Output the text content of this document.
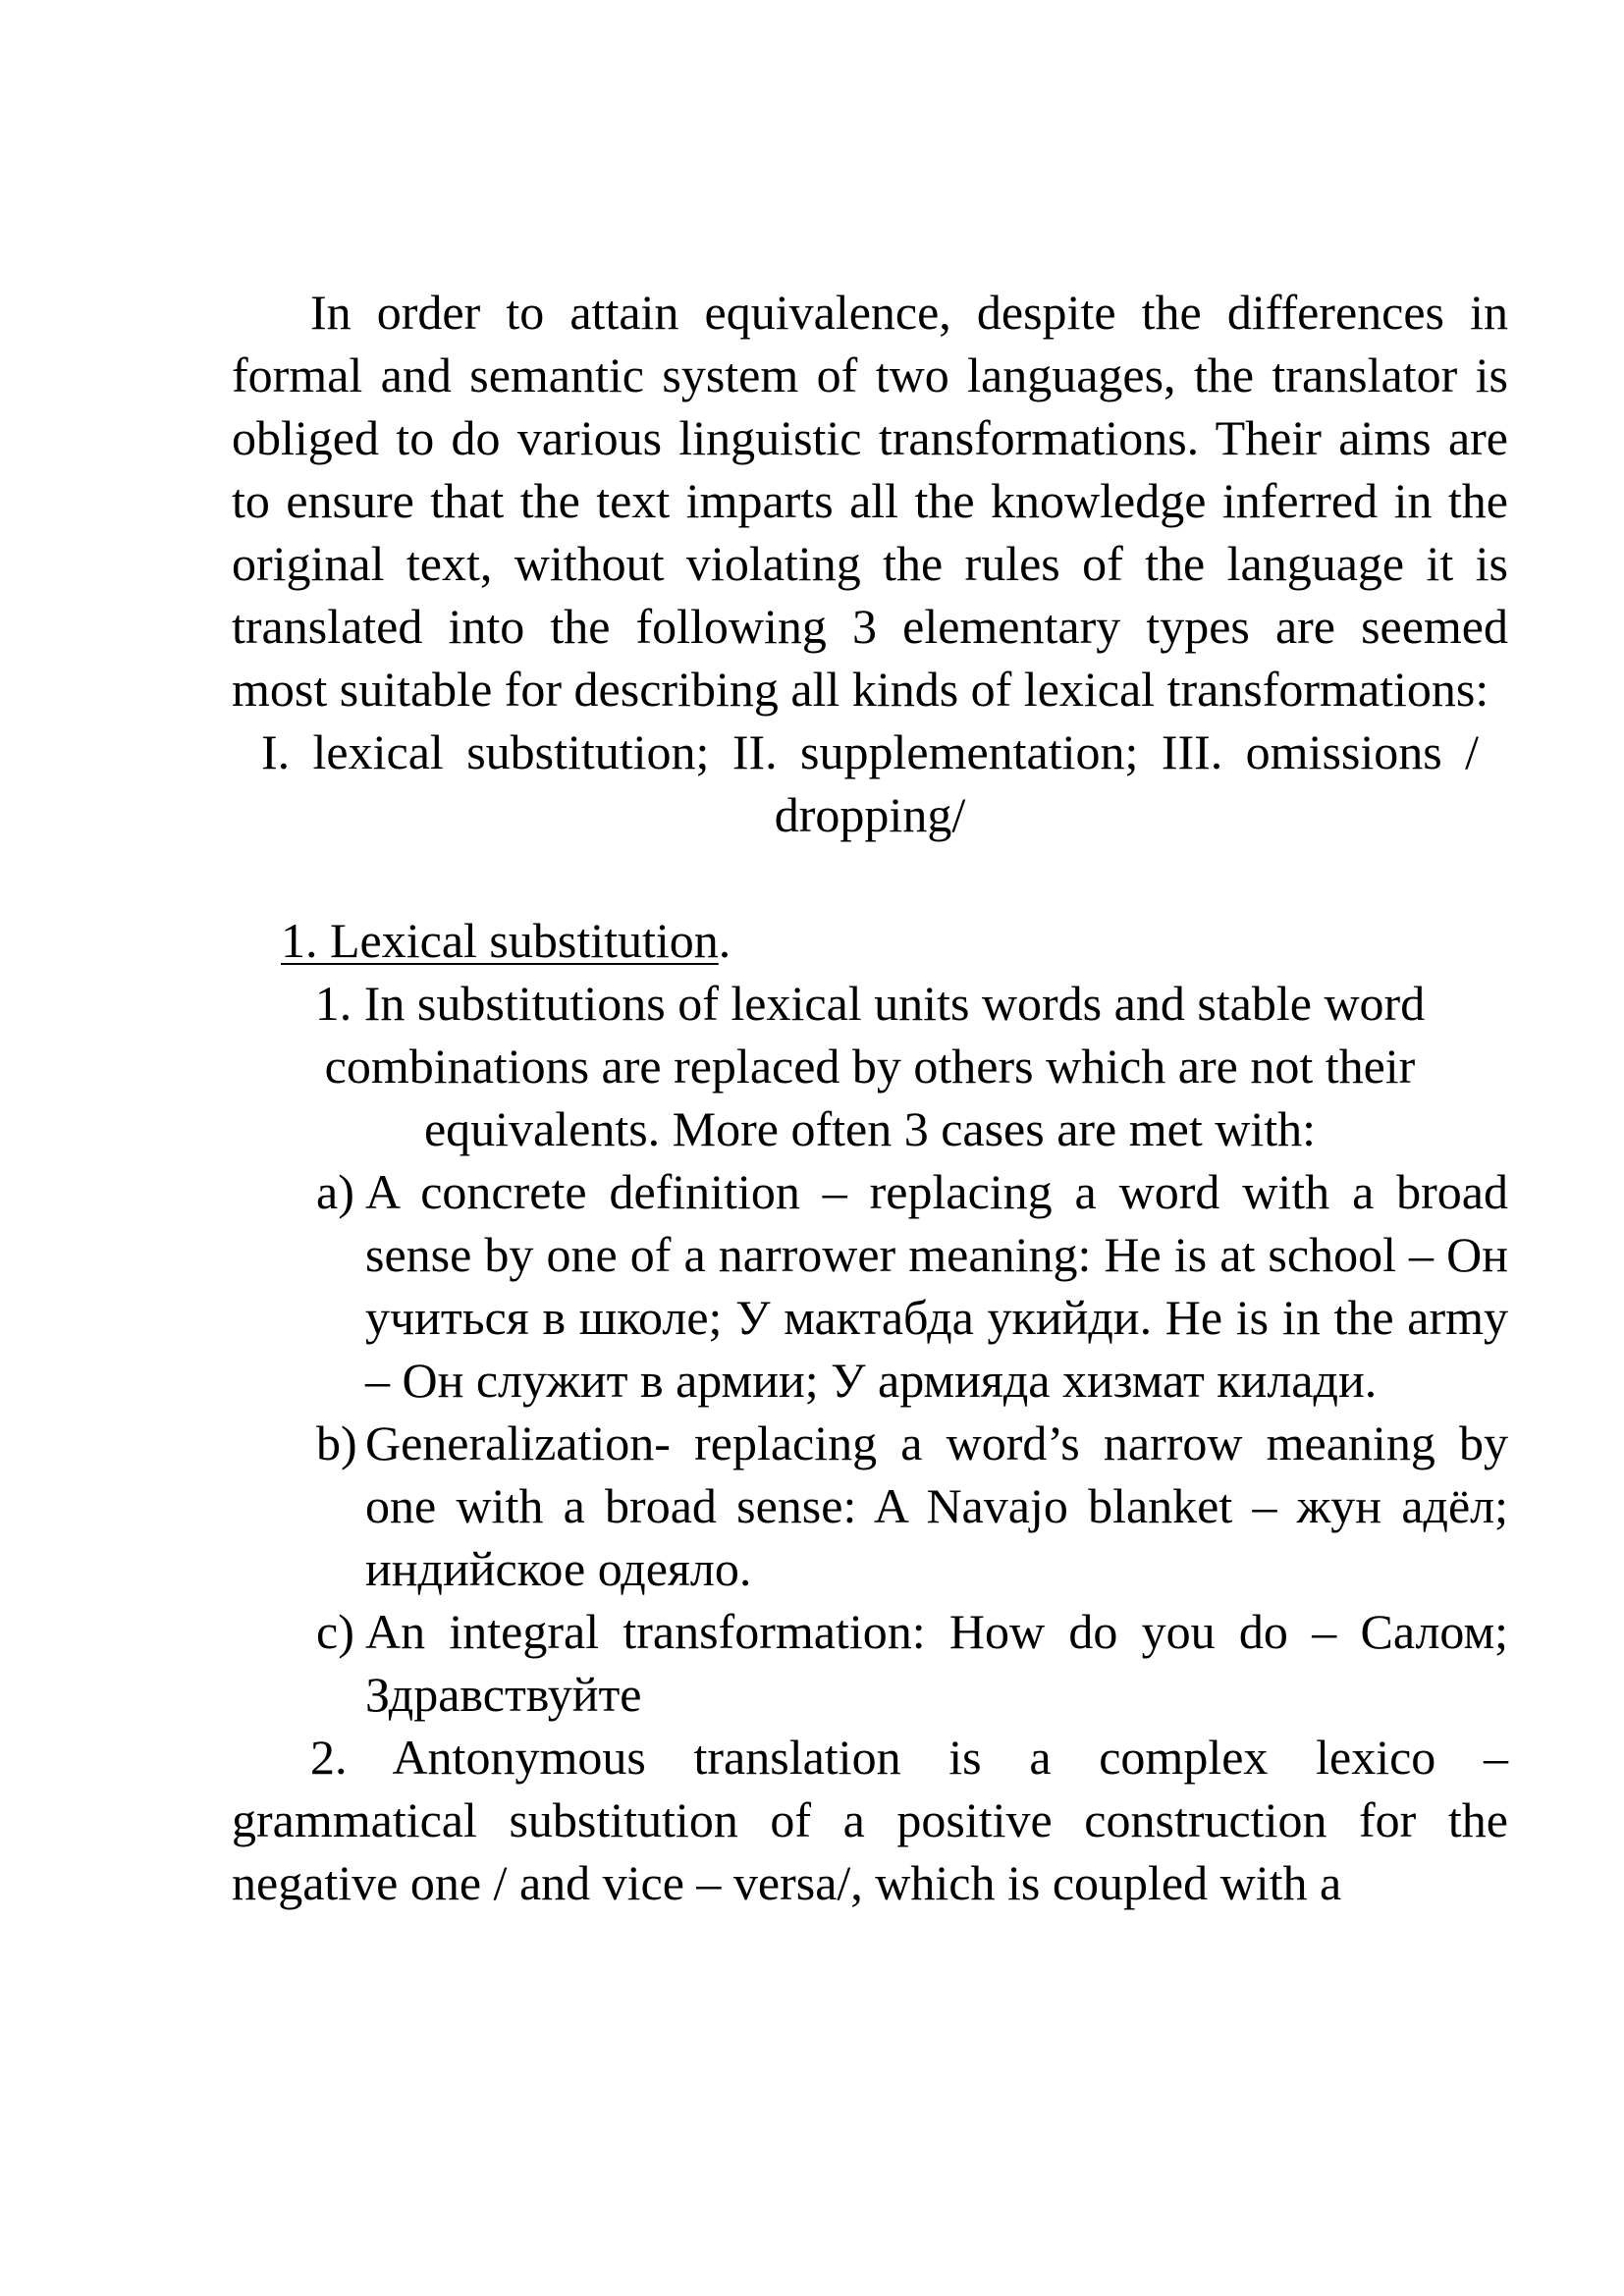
In order to attain equivalence, despite the differences in formal and semantic system of two languages, the translator is obliged to do various linguistic transformations. Their aims are to ensure that the text imparts all the knowledge inferred in the original text, without violating the rules of the language it is translated into the following 3 elementary types are seemed most suitable for describing all kinds of lexical transformations:

I. lexical substitution; II. supplementation; III. omissions / dropping/

1. Lexical substitution.

1. In substitutions of lexical units words and stable word combinations are replaced by others which are not their equivalents. More often 3 cases are met with:

a) A concrete definition – replacing a word with a broad sense by one of a narrower meaning: He is at school – Он учиться в школе; У мактабда укийди. He is in the army – Он служит в армии; У армияда хизмат килади.
b) Generalization- replacing a word’s narrow meaning by one with a broad sense: A Navajo blanket – жун адёл; индийское одеяло.
c) An integral transformation: How do you do – Салом; Здравствуйте

2. Antonymous translation is a complex lexico – grammatical substitution of a positive construction for the negative one / and vice – versa/, which is coupled with a
